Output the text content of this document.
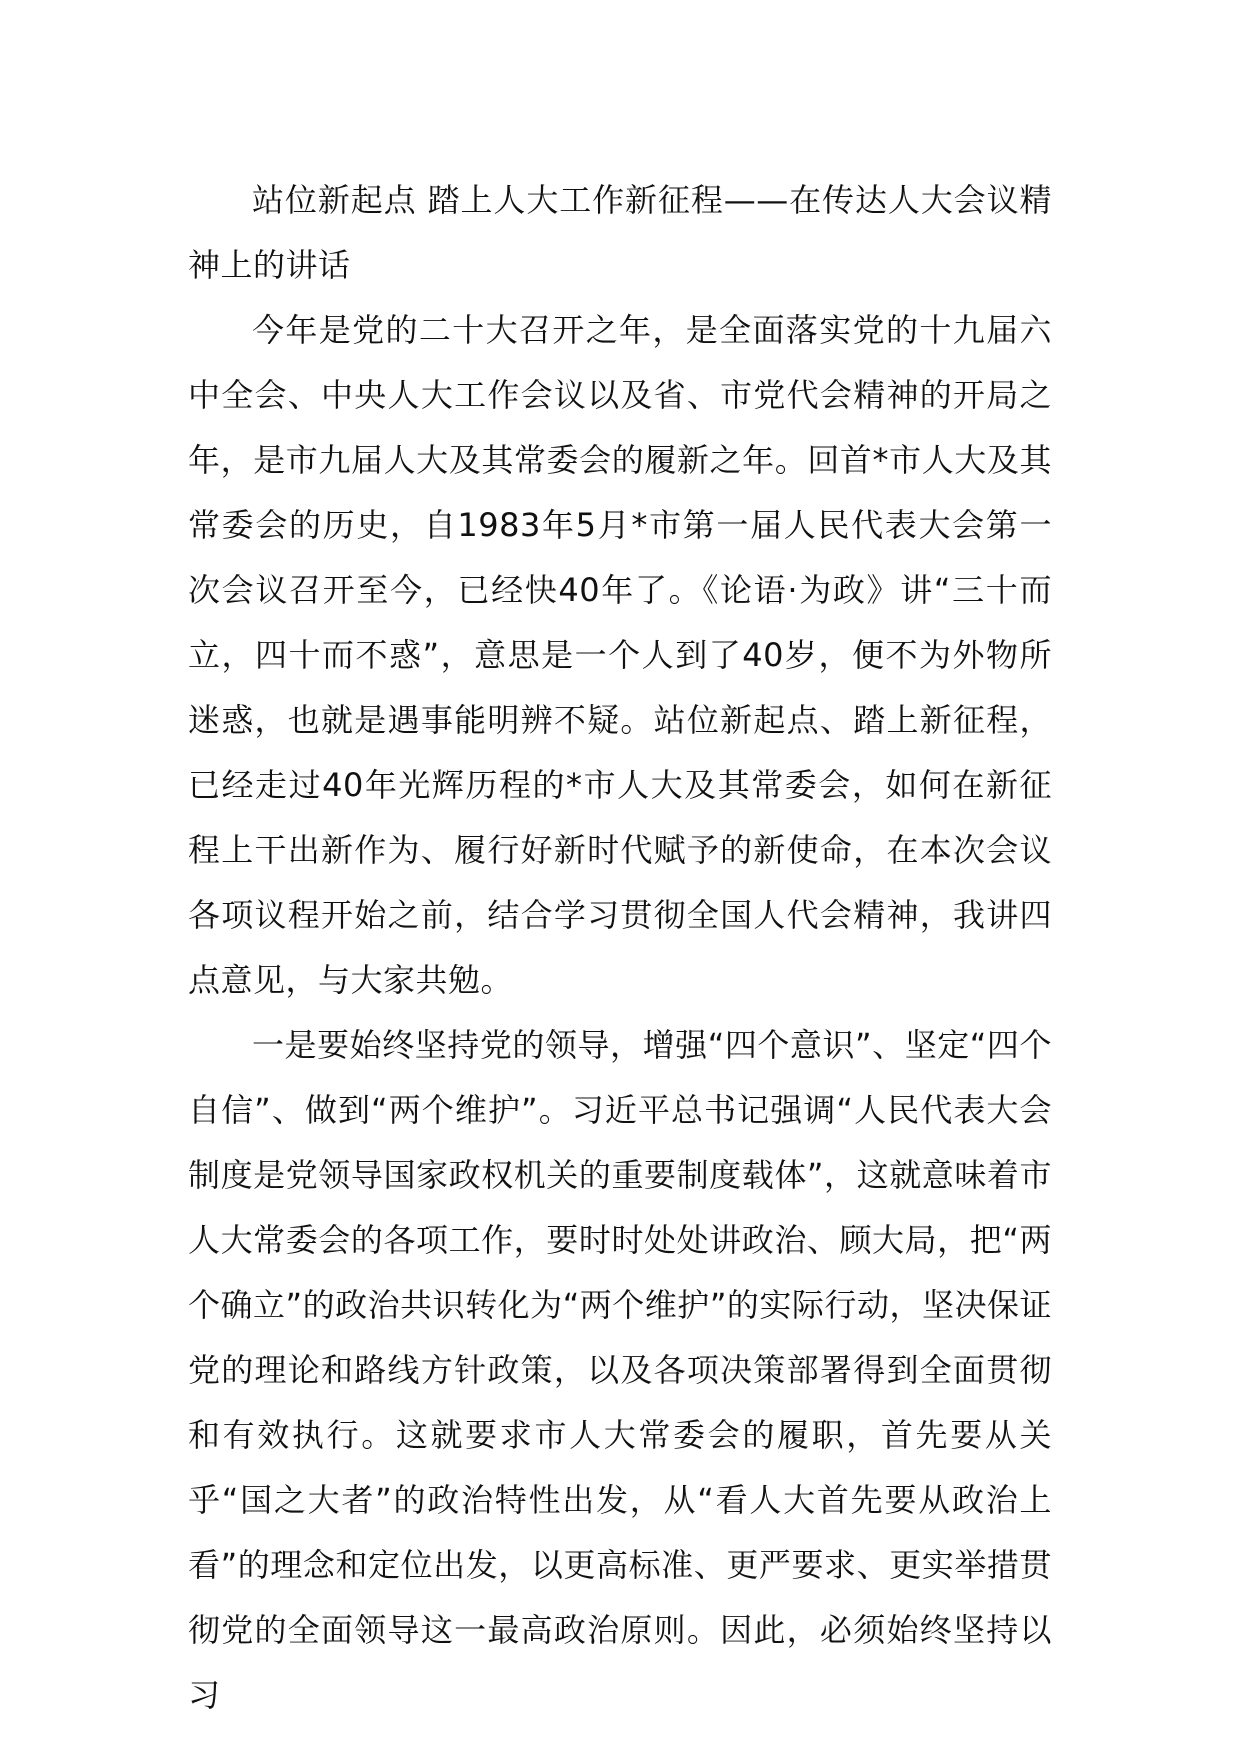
站位新起点 踏上人大工作新征程——在传达人大会议精神上的讲话

今年是党的二十大召开之年，是全面落实党的十九届六中全会、中央人大工作会议以及省、市党代会精神的开局之年，是市九届人大及其常委会的履新之年。回首*市人大及其常委会的历史，自1983年5月*市第一届人民代表大会第一次会议召开至今，已经快40年了。《论语·为政》讲“三十而立，四十而不惑”，意思是一个人到了40岁，便不为外物所迷惑，也就是遇事能明辨不疑。站位新起点、踏上新征程，已经走过40年光辉历程的*市人大及其常委会，如何在新征程上干出新作为、履行好新时代赋予的新使命，在本次会议各项议程开始之前，结合学习贯彻全国人代会精神，我讲四点意见，与大家共勉。

一是要始终坚持党的领导，增强“四个意识”、坚定“四个自信”、做到“两个维护”。习近平总书记强调“人民代表大会制度是党领导国家政权机关的重要制度载体”，这就意味着市人大常委会的各项工作，要时时处处讲政治、顾大局，把“两个确立”的政治共识转化为“两个维护”的实际行动，坚决保证党的理论和路线方针政策，以及各项决策部署得到全面贯彻和有效执行。这就要求市人大常委会的履职，首先要从关乎“国之大者”的政治特性出发，从“看人大首先要从政治上看”的理念和定位出发，以更高标准、更严要求、更实举措贯彻党的全面领导这一最高政治原则。因此，必须始终坚持以习
